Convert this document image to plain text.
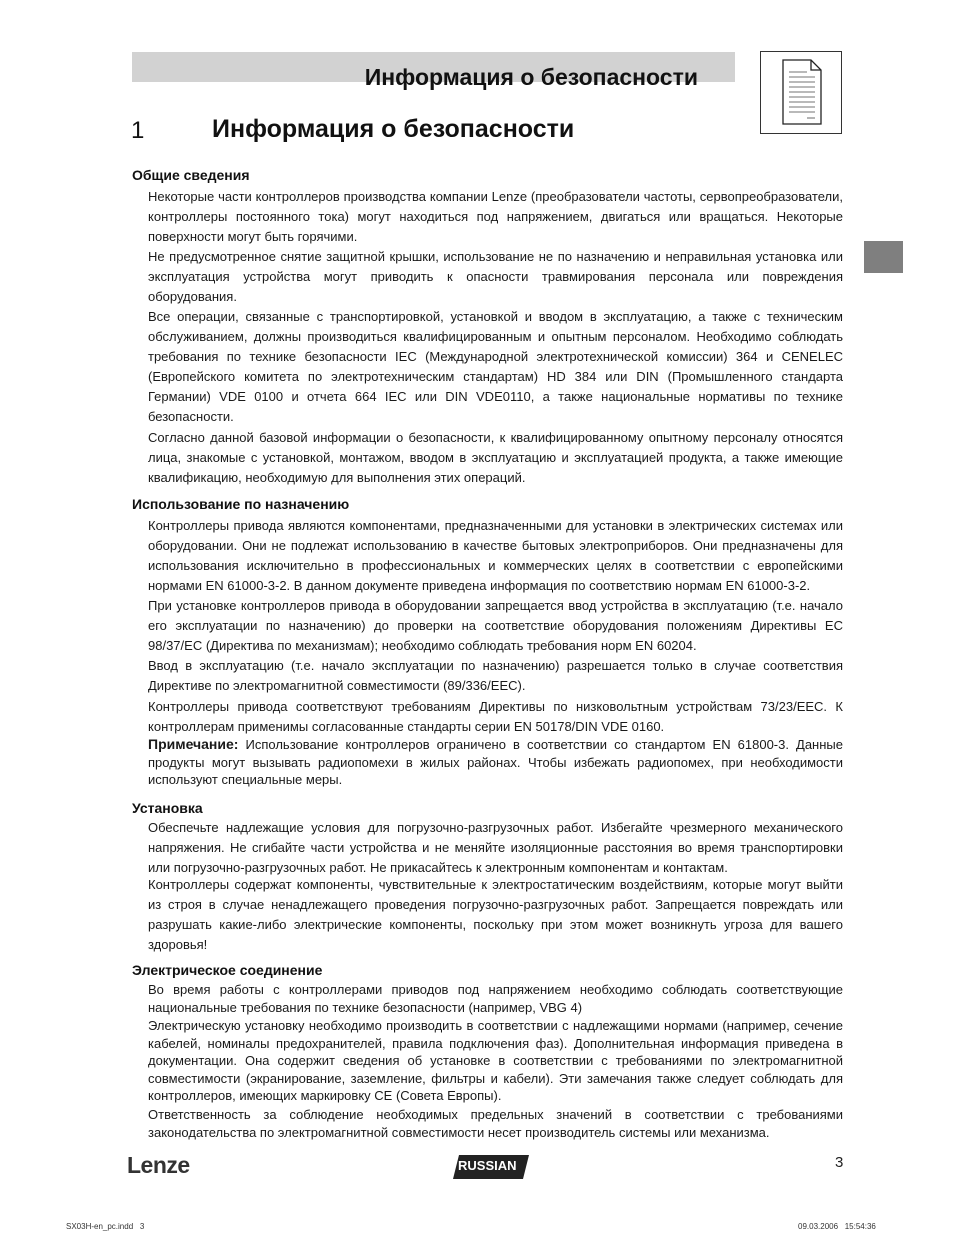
Информация о безопасности
1	Информация о безопасности
Общие сведения
Некоторые части контроллеров производства компании Lenze (преобразователи частоты, сервопреобразователи, контроллеры постоянного тока) могут находиться под напряжением, двигаться или вращаться. Некоторые поверхности могут быть горячими.
Не предусмотренное снятие защитной крышки, использование не по назначению и неправильная установка или эксплуатация устройства могут приводить к опасности травмирования персонала или повреждения оборудования.
Все операции, связанные с транспортировкой, установкой и вводом в эксплуатацию, а также с техническим обслуживанием, должны производиться квалифицированным и опытным персоналом. Необходимо соблюдать требования по технике безопасности IEC (Международной электротехнической комиссии) 364 и CENELEC (Европейского комитета по электротехническим стандартам) HD 384 или DIN (Промышленного стандарта Германии) VDE 0100 и отчета 664 IEC или DIN VDE0110, а также национальные нормативы по технике безопасности.
Согласно данной базовой информации о безопасности, к квалифицированному опытному персоналу относятся лица, знакомые с установкой, монтажом, вводом в эксплуатацию и эксплуатацией продукта, а также имеющие квалификацию, необходимую для выполнения этих операций.
Использование по назначению
Контроллеры привода являются компонентами, предназначенными для установки в электрических системах или оборудовании. Они не подлежат использованию в качестве бытовых электроприборов. Они предназначены для использования исключительно в профессиональных и коммерческих целях в соответствии с европейскими нормами EN 61000-3-2. В данном документе приведена информация по соответствию нормам EN 61000-3-2.
При установке контроллеров привода в оборудовании запрещается ввод устройства в эксплуатацию (т.е. начало его эксплуатации по назначению) до проверки на соответствие оборудования положениям Директивы EC 98/37/EC (Директива по механизмам); необходимо соблюдать требования норм EN 60204.
Ввод в эксплуатацию (т.е. начало эксплуатации по назначению) разрешается только в случае соответствия Директиве по электромагнитной совместимости (89/336/EEC).
Контроллеры привода соответствуют требованиям Директивы по низковольтным устройствам 73/23/EEC. К контроллерам применимы согласованные стандарты серии EN 50178/DIN VDE 0160.
Примечание: Использование контроллеров ограничено в соответствии со стандартом EN 61800-3. Данные продукты могут вызывать радиопомехи в жилых районах. Чтобы избежать радиопомех, при необходимости используют специальные меры.
Установка
Обеспечьте надлежащие условия для погрузочно-разгрузочных работ. Избегайте чрезмерного механического напряжения. Не сгибайте части устройства и не меняйте изоляционные расстояния во время транспортировки или погрузочно-разгрузочных работ. Не прикасайтесь к электронным компонентам и контактам.
Контроллеры содержат компоненты, чувствительные к электростатическим воздействиям, которые могут выйти из строя в случае ненадлежащего проведения погрузочно-разгрузочных работ. Запрещается повреждать или разрушать какие-либо электрические компоненты, поскольку при этом может возникнуть угроза для вашего здоровья!
Электрическое соединение
Во время работы с контроллерами приводов под напряжением необходимо соблюдать соответствующие национальные требования по технике безопасности (например, VBG 4)
Электрическую установку необходимо производить в соответствии с надлежащими нормами (например, сечение кабелей, номиналы предохранителей, правила подключения фаз). Дополнительная информация приведена в документации. Она содержит сведения об установке в соответствии с требованиями по электромагнитной совместимости (экранирование, заземление, фильтры и кабели). Эти замечания также следует соблюдать для контроллеров, имеющих маркировку CE (Совета Европы).
Ответственность за соблюдение необходимых предельных значений в соответствии с требованиями законодательства по электромагнитной совместимости несет производитель системы или механизма.
Lenze	RUSSIAN	3
SX03H-en_pc.indd   3	09.03.2006   15:54:36
